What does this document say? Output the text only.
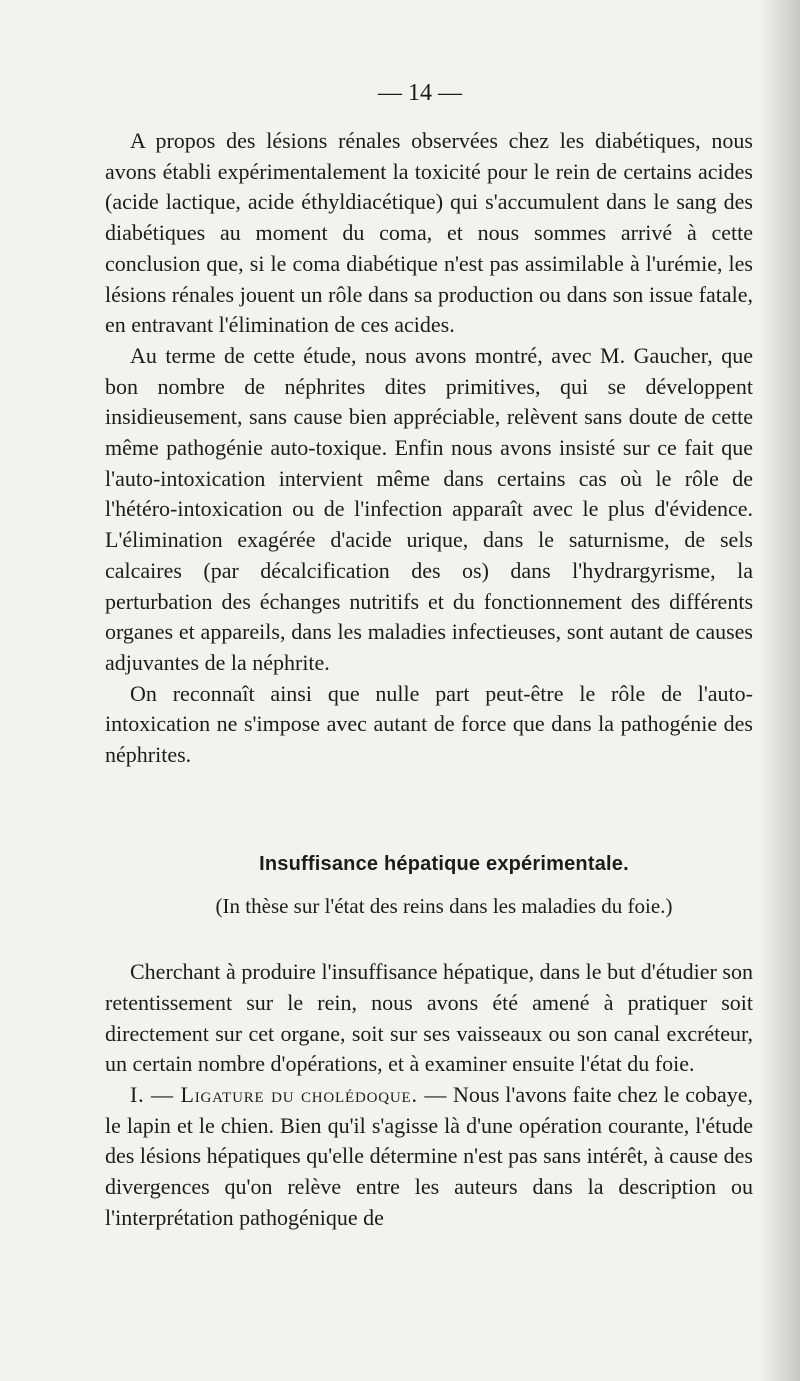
— 14 —

A propos des lésions rénales observées chez les diabétiques, nous avons établi expérimentalement la toxicité pour le rein de certains acides (acide lactique, acide éthyldiacétique) qui s'accumulent dans le sang des diabétiques au moment du coma, et nous sommes arrivé à cette conclusion que, si le coma diabétique n'est pas assimilable à l'urémie, les lésions rénales jouent un rôle dans sa production ou dans son issue fatale, en entravant l'élimination de ces acides.

Au terme de cette étude, nous avons montré, avec M. Gaucher, que bon nombre de néphrites dites primitives, qui se développent insidieusement, sans cause bien appréciable, relèvent sans doute de cette même pathogénie auto-toxique. Enfin nous avons insisté sur ce fait que l'auto-intoxication intervient même dans certains cas où le rôle de l'hétéro-intoxication ou de l'infection apparaît avec le plus d'évidence. L'élimination exagérée d'acide urique, dans le saturnisme, de sels calcaires (par décalcification des os) dans l'hydrargyrisme, la perturbation des échanges nutritifs et du fonctionnement des différents organes et appareils, dans les maladies infectieuses, sont autant de causes adjuvantes de la néphrite.

On reconnaît ainsi que nulle part peut-être le rôle de l'auto-intoxication ne s'impose avec autant de force que dans la pathogénie des néphrites.

Insuffisance hépatique expérimentale.
(In thèse sur l'état des reins dans les maladies du foie.)

Cherchant à produire l'insuffisance hépatique, dans le but d'étudier son retentissement sur le rein, nous avons été amené à pratiquer soit directement sur cet organe, soit sur ses vaisseaux ou son canal excréteur, un certain nombre d'opérations, et à examiner ensuite l'état du foie.

I. — Ligature du cholédoque. — Nous l'avons faite chez le cobaye, le lapin et le chien. Bien qu'il s'agisse là d'une opération courante, l'étude des lésions hépatiques qu'elle détermine n'est pas sans intérêt, à cause des divergences qu'on relève entre les auteurs dans la description ou l'interprétation pathogénique de
